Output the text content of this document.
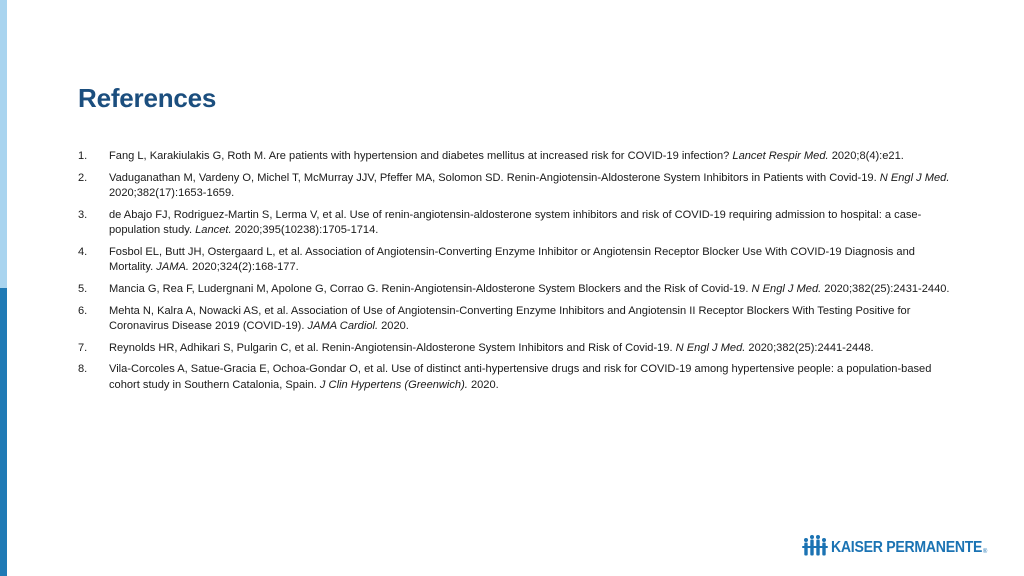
References
1. Fang L, Karakiulakis G, Roth M. Are patients with hypertension and diabetes mellitus at increased risk for COVID-19 infection? Lancet Respir Med. 2020;8(4):e21.
2. Vaduganathan M, Vardeny O, Michel T, McMurray JJV, Pfeffer MA, Solomon SD. Renin-Angiotensin-Aldosterone System Inhibitors in Patients with Covid-19. N Engl J Med. 2020;382(17):1653-1659.
3. de Abajo FJ, Rodriguez-Martin S, Lerma V, et al. Use of renin-angiotensin-aldosterone system inhibitors and risk of COVID-19 requiring admission to hospital: a case-population study. Lancet. 2020;395(10238):1705-1714.
4. Fosbol EL, Butt JH, Ostergaard L, et al. Association of Angiotensin-Converting Enzyme Inhibitor or Angiotensin Receptor Blocker Use With COVID-19 Diagnosis and Mortality. JAMA. 2020;324(2):168-177.
5. Mancia G, Rea F, Ludergnani M, Apolone G, Corrao G. Renin-Angiotensin-Aldosterone System Blockers and the Risk of Covid-19. N Engl J Med. 2020;382(25):2431-2440.
6. Mehta N, Kalra A, Nowacki AS, et al. Association of Use of Angiotensin-Converting Enzyme Inhibitors and Angiotensin II Receptor Blockers With Testing Positive for Coronavirus Disease 2019 (COVID-19). JAMA Cardiol. 2020.
7. Reynolds HR, Adhikari S, Pulgarin C, et al. Renin-Angiotensin-Aldosterone System Inhibitors and Risk of Covid-19. N Engl J Med. 2020;382(25):2441-2448.
8. Vila-Corcoles A, Satue-Gracia E, Ochoa-Gondar O, et al. Use of distinct anti-hypertensive drugs and risk for COVID-19 among hypertensive people: a population-based cohort study in Southern Catalonia, Spain. J Clin Hypertens (Greenwich). 2020.
KAISER PERMANENTE ®
